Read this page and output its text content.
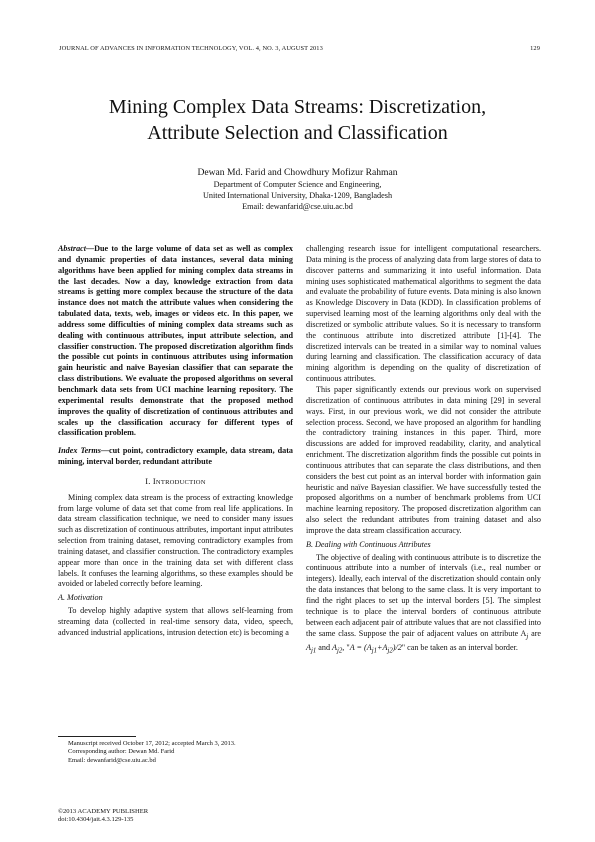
JOURNAL OF ADVANCES IN INFORMATION TECHNOLOGY, VOL. 4, NO. 3, AUGUST 2013	129
Mining Complex Data Streams: Discretization,
Attribute Selection and Classification
Dewan Md. Farid and Chowdhury Mofizur Rahman
Department of Computer Science and Engineering,
United International University, Dhaka-1209, Bangladesh
Email: dewanfarid@cse.uiu.ac.bd

Abstract—Due to the large volume of data set as well as complex and dynamic properties of data instances, several data mining algorithms have been applied for mining complex data streams in the last decades. Now a day, knowledge extraction from data streams is getting more complex because the structure of the data instance does not match the attribute values when considering the tabulated data, texts, web, images or videos etc. In this paper, we address some difficulties of mining complex data streams such as dealing with continuous attributes, input attribute selection, and classifier construction. The proposed discretization algorithm finds the possible cut points in continuous attributes using information gain heuristic and naïve Bayesian classifier that can separate the class distributions. We evaluate the proposed algorithms on several benchmark data sets from UCI machine learning repository. The experimental results demonstrate that the proposed method improves the quality of discretization of continuous attributes and scales up the classification accuracy for different types of classification problem.

Index Terms—cut point, contradictory example, data stream, data mining, interval border, redundant attribute

I. INTRODUCTION

Mining complex data stream is the process of extracting knowledge from large volume of data set that come from real life applications. In data stream classification technique, we need to consider many issues such as discretization of continuous attributes, important input attributes selection from training dataset, removing contradictory examples from training dataset, and classifier construction. The contradictory examples appear more than once in the training data set with different class labels. It confuses the learning algorithms, so these examples should be avoided or labeled correctly before learning.

A. Motivation

To develop highly adaptive system that allows self-learning from streaming data (collected in real-time sensory data, video, speech, advanced industrial applications, intrusion detection etc) is becoming a

Manuscript received October 17, 2012; accepted March 3, 2013.
Corresponding author: Dewan Md. Farid
Email: dewanfarid@cse.uiu.ac.bd
©2013 ACADEMY PUBLISHER
doi:10.4304/jait.4.3.129-135

challenging research issue for intelligent computational researchers. Data mining is the process of analyzing data from large stores of data to discover patterns and summarizing it into useful information. Data mining uses sophisticated mathematical algorithms to segment the data and evaluate the probability of future events. Data mining is also known as Knowledge Discovery in Data (KDD). In classification problems of supervised learning most of the learning algorithms only deal with the discretized or symbolic attribute values. So it is necessary to transform the continuous attribute into discretized attribute [1]-[4]. The discretized intervals can be treated in a similar way to nominal values during learning and classification. The classification accuracy of data mining algorithm is depending on the quality of discretization of continuous attributes.

This paper significantly extends our previous work on supervised discretization of continuous attributes in data mining [29] in several ways. First, in our previous work, we did not consider the attribute selection process. Second, we have proposed an algorithm for handling the contradictory training instances in this paper. Third, more discussions are added for improved readability, clarity, and analytical enrichment. The discretization algorithm finds the possible cut points in continuous attributes that can separate the class distributions, and then considers the best cut point as an interval border with information gain heuristic and naïve Bayesian classifier. We have successfully tested the proposed algorithms on a number of benchmark problems from UCI machine learning repository. The proposed discretization algorithm can also select the redundant attributes from training dataset and also improve the data stream classification accuracy.

B. Dealing with Continuous Attributes

The objective of dealing with continuous attribute is to discretize the continuous attribute into a number of intervals (i.e., real number or integers). Ideally, each interval of the discretization should contain only the data instances that belong to the same class. It is very important to find the right places to set up the interval borders [5]. The simplest technique is to place the interval borders of continuous attribute between each adjacent pair of attribute values that are not classified into the same class. Suppose the pair of adjacent values on attribute $A_j$ are $A_{j1}$ and $A_{j2}$, "$A = (A_{j1}+A_{j2})/2$" can be taken as an interval border.
